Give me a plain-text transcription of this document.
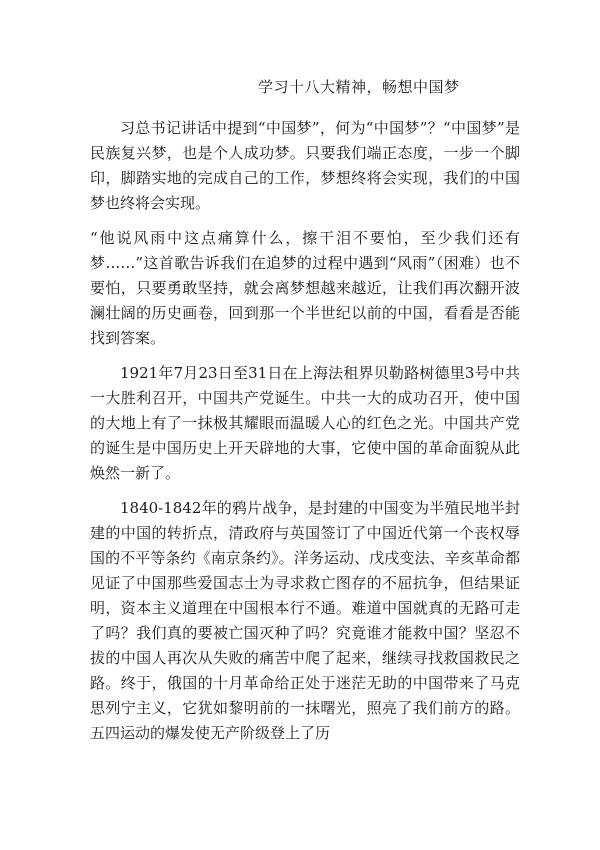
学习十八大精神，畅想中国梦

习总书记讲话中提到“中国梦”，何为“中国梦”？“中国梦”是民族复兴梦，也是个人成功梦。只要我们端正态度，一步一个脚印，脚踏实地的完成自己的工作，梦想终将会实现，我们的中国梦也终将会实现。

“他说风雨中这点痛算什么，擦干泪不要怕，至少我们还有梦……”这首歌告诉我们在追梦的过程中遇到“风雨”（困难）也不要怕，只要勇敢坚持，就会离梦想越来越近，让我们再次翻开波澜壮阔的历史画卷，回到那一个半世纪以前的中国，看看是否能找到答案。

1921年7月23日至31日在上海法租界贝勒路树德里3号中共一大胜利召开，中国共产党诞生。中共一大的成功召开，使中国的大地上有了一抹极其耀眼而温暖人心的红色之光。中国共产党的诞生是中国历史上开天辟地的大事，它使中国的革命面貌从此焕然一新了。

1840-1842年的鸦片战争，是封建的中国变为半殖民地半封建的中国的转折点，清政府与英国签订了中国近代第一个丧权辱国的不平等条约《南京条约》。洋务运动、戊戌变法、辛亥革命都见证了中国那些爱国志士为寻求救亡图存的不屈抗争，但结果证明，资本主义道理在中国根本行不通。难道中国就真的无路可走了吗？我们真的要被亡国灭种了吗？究竟谁才能救中国？坚忍不拔的中国人再次从失败的痛苦中爬了起来，继续寻找救国救民之路。终于，俄国的十月革命给正处于迷茫无助的中国带来了马克思列宁主义，它犹如黎明前的一抹曙光，照亮了我们前方的路。五四运动的爆发使无产阶级登上了历
